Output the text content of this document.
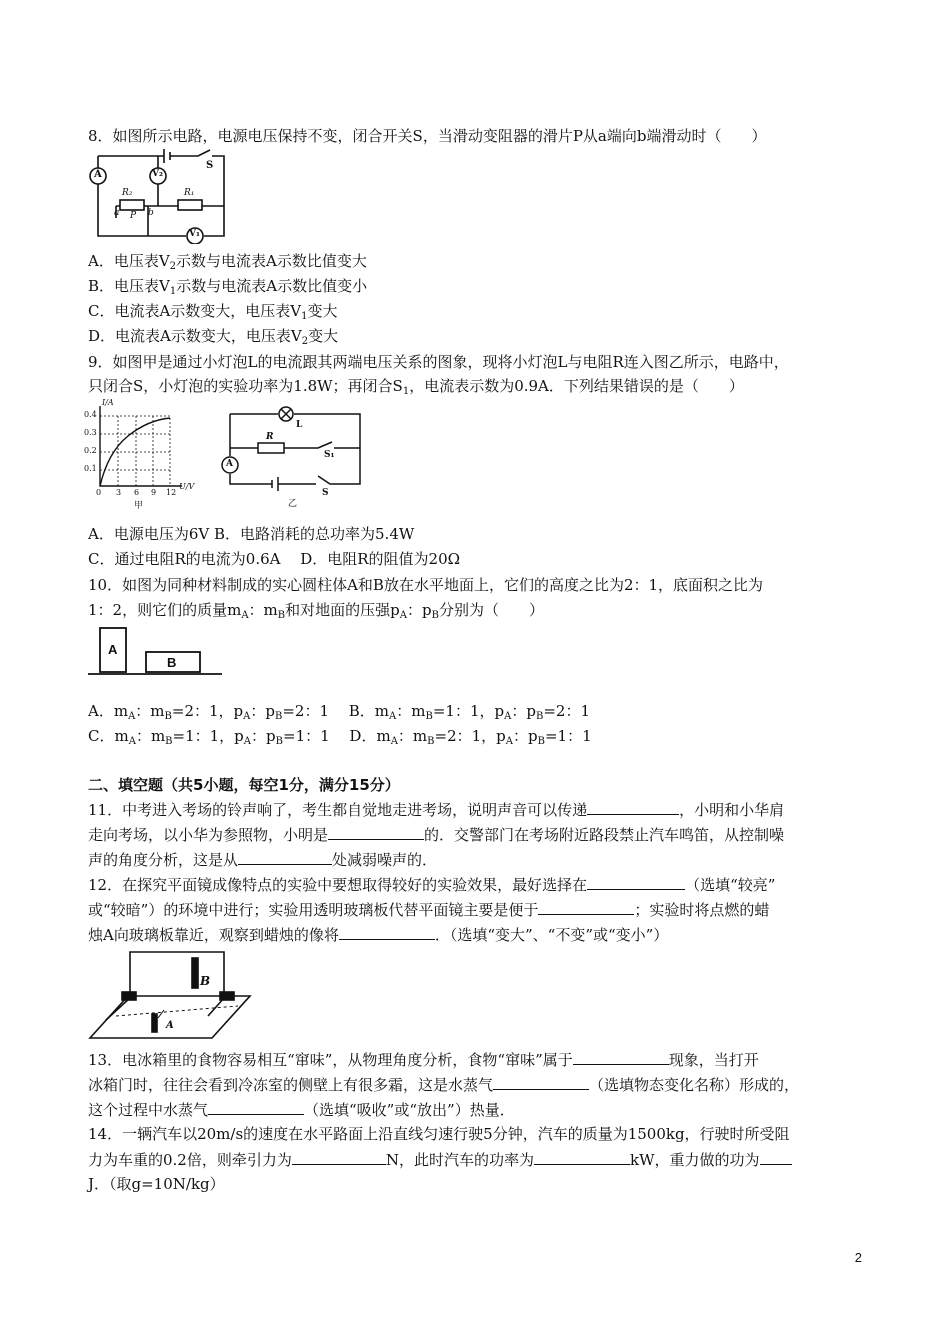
8．如图所示电路，电源电压保持不变，闭合开关S，当滑动变阻器的滑片P从a端向b端滑动时（　　）
A	V₂
V₁
S
R₁
R₂
a P b
A．电压表$V_2$示数与电流表A示数比值变大
B．电压表$V_1$示数与电流表A示数比值变小
C．电流表A示数变大，电压表$V_1$变大
D．电流表A示数变大，电压表$V_2$变大
9．如图甲是通过小灯泡L的电流跟其两端电压关系的图象，现将小灯泡L与电阻R连入图乙所示，电路中，
只闭合S，小灯泡的实验功率为1.8W；再闭合$S_1$，电流表示数为0.9A．下列结果错误的是（　　）
I/A
0.4
0.3
0.2
0.1
0 3 6 9 12
U/V
甲
L
R
S₁
S
A
乙
A．电源电压为6V B．电路消耗的总功率为5.4W
C．通过电阻R的电流为0.6A　 D．电阻R的阻值为20Ω
10．如图为同种材料制成的实心圆柱体A和B放在水平地面上，它们的高度之比为2：1，底面积之比为
1：2，则它们的质量$m_A$：$m_B$和对地面的压强$p_A$：$p_B$分别为（　　）
A
B
A．$m_A$：$m_B=2$：1，$p_A$：$p_B=2$：1　 B．$m_A$：$m_B=1$：1，$p_A$：$p_B=2$：1
C．$m_A$：$m_B=1$：1，$p_A$：$p_B=1$：1　 D．$m_A$：$m_B=2$：1，$p_A$：$p_B=1$：1
二、填空题（共5小题，每空1分，满分15分）
11．中考进入考场的铃声响了，考生都自觉地走进考场，说明声音可以传递	，小明和小华肩
走向考场，以小华为参照物，小明是	的．交警部门在考场附近路段禁止汽车鸣笛，从控制噪
声的角度分析，这是从	处减弱噪声的．
12．在探究平面镜成像特点的实验中要想取得较好的实验效果，最好选择在	（选填“较亮”
或“较暗”）的环境中进行；实验用透明玻璃板代替平面镜主要是便于	；实验时将点燃的蜡
烛A向玻璃板靠近，观察到蜡烛的像将	．（选填“变大”、“不变”或“变小”）
B
A
13．电冰箱里的食物容易相互“窜味”，从物理角度分析，食物“窜味”属于	现象，当打开
冰箱门时，往往会看到冷冻室的侧壁上有很多霜，这是水蒸气	（选填物态变化名称）形成的，
这个过程中水蒸气	（选填“吸收”或“放出”）热量．
14．一辆汽车以20m/s的速度在水平路面上沿直线匀速行驶5分钟，汽车的质量为1500kg，行驶时所受阻
力为车重的0.2倍，则牵引力为	N，此时汽车的功率为	kW，重力做的功为
J．（取g=10N/kg）
2
